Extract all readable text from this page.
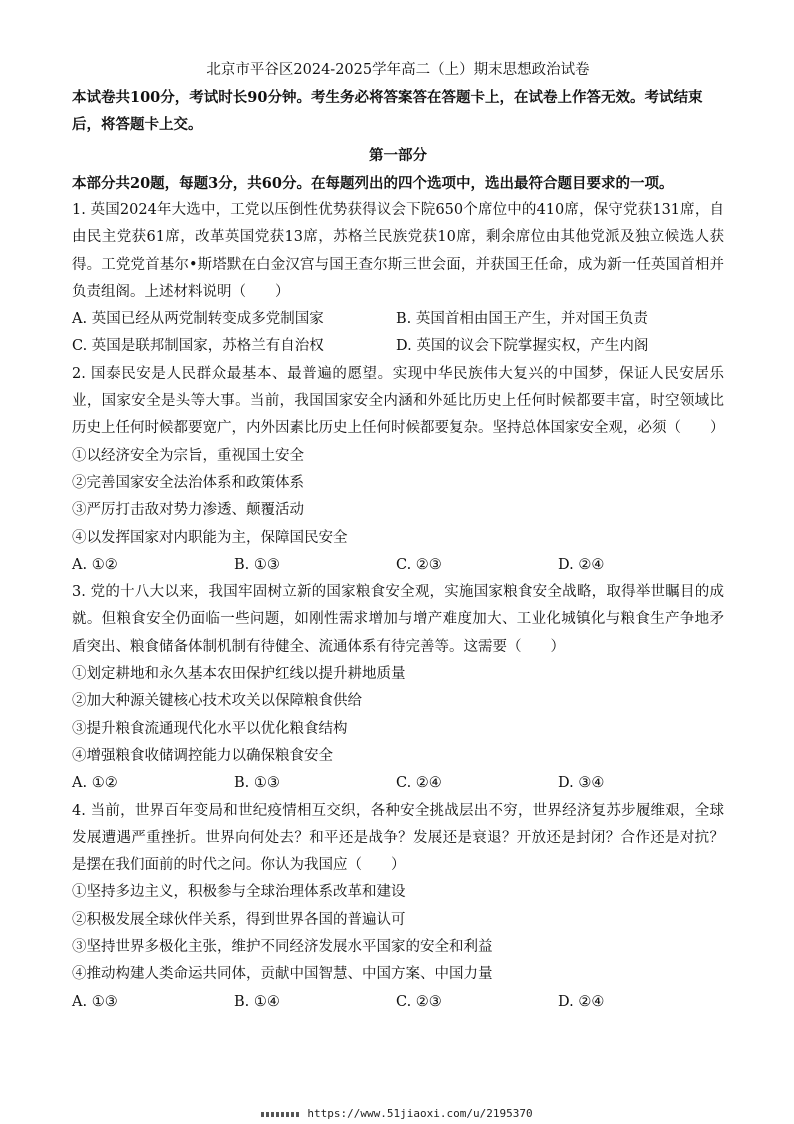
北京市平谷区2024-2025学年高二（上）期末思想政治试卷
本试卷共100分，考试时长90分钟。考生务必将答案答在答题卡上，在试卷上作答无效。考试结束后，将答题卡上交。
第一部分
本部分共20题，每题3分，共60分。在每题列出的四个选项中，选出最符合题目要求的一项。
1. 英国2024年大选中，工党以压倒性优势获得议会下院650个席位中的410席，保守党获131席，自由民主党获61席，改革英国党获13席，苏格兰民族党获10席，剩余席位由其他党派及独立候选人获得。工党党首基尔•斯塔默在白金汉宫与国王查尔斯三世会面，并获国王任命，成为新一任英国首相并负责组阁。上述材料说明（　　）
A. 英国已经从两党制转变成多党制国家	B. 英国首相由国王产生，并对国王负责
C. 英国是联邦制国家，苏格兰有自治权	D. 英国的议会下院掌握实权，产生内阁
2. 国泰民安是人民群众最基本、最普遍的愿望。实现中华民族伟大复兴的中国梦，保证人民安居乐业，国家安全是头等大事。当前，我国国家安全内涵和外延比历史上任何时候都要丰富，时空领域比历史上任何时候都要宽广，内外因素比历史上任何时候都要复杂。坚持总体国家安全观，必须（　　）
①以经济安全为宗旨，重视国土安全
②完善国家安全法治体系和政策体系
③严厉打击敌对势力渗透、颠覆活动
④以发挥国家对内职能为主，保障国民安全
A. ①②	B. ①③	C. ②③	D. ②④
3. 党的十八大以来，我国牢固树立新的国家粮食安全观，实施国家粮食安全战略，取得举世瞩目的成就。但粮食安全仍面临一些问题，如刚性需求增加与增产难度加大、工业化城镇化与粮食生产争地矛盾突出、粮食储备体制机制有待健全、流通体系有待完善等。这需要（　　）
①划定耕地和永久基本农田保护红线以提升耕地质量
②加大种源关键核心技术攻关以保障粮食供给
③提升粮食流通现代化水平以优化粮食结构
④增强粮食收储调控能力以确保粮食安全
A. ①②	B. ①③	C. ②④	D. ③④
4. 当前，世界百年变局和世纪疫情相互交织，各种安全挑战层出不穷，世界经济复苏步履维艰，全球发展遭遇严重挫折。世界向何处去？和平还是战争？发展还是衰退？开放还是封闭？合作还是对抗？是摆在我们面前的时代之问。你认为我国应（　　）
①坚持多边主义，积极参与全球治理体系改革和建设
②积极发展全球伙伴关系，得到世界各国的普遍认可
③坚持世界多极化主张，维护不同经济发展水平国家的安全和利益
④推动构建人类命运共同体，贡献中国智慧、中国方案、中国力量
A. ①③	B. ①④	C. ②③	D. ②④
https://www.51jiaoxi.com/u/2195370
